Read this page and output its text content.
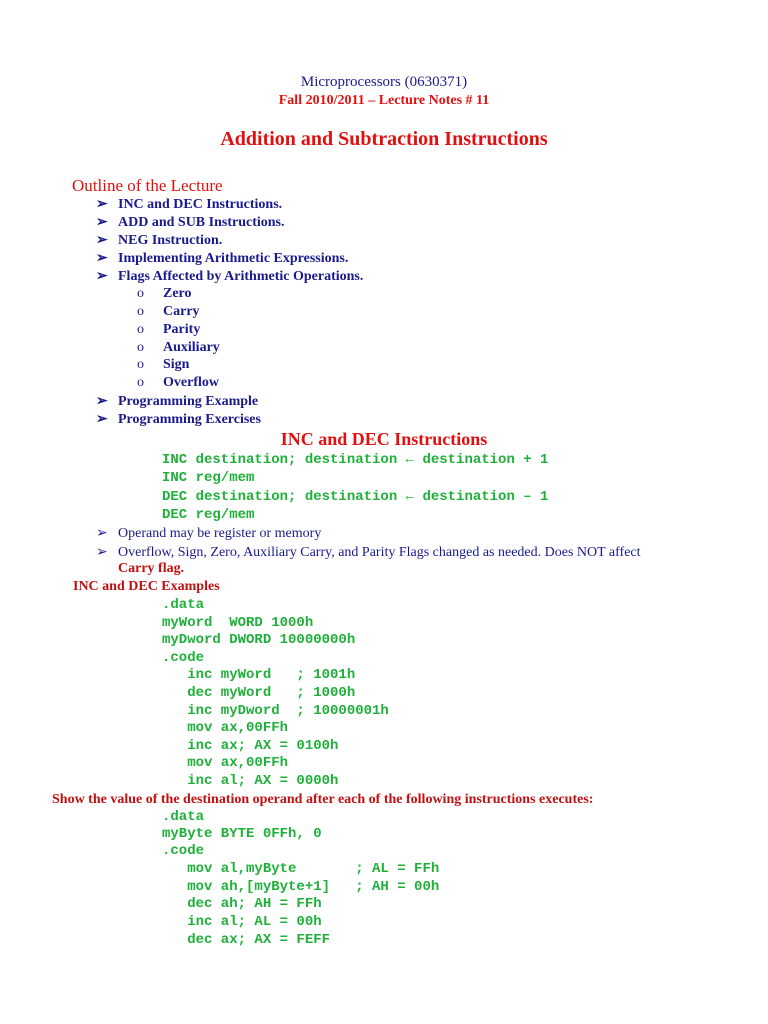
Microprocessors (0630371)
Fall 2010/2011 – Lecture Notes # 11
Addition and Subtraction Instructions
Outline of the Lecture
➢ INC and DEC Instructions.
➢ ADD and SUB Instructions.
➢ NEG Instruction.
➢ Implementing Arithmetic Expressions.
➢ Flags Affected by Arithmetic Operations.
o Zero
o Carry
o Parity
o Auxiliary
o Sign
o Overflow
➢ Programming Example
➢ Programming Exercises
INC and DEC Instructions
INC destination; destination ← destination + 1
INC reg/mem
DEC destination; destination ← destination – 1
DEC reg/mem
➢ Operand may be register or memory
➢ Overflow, Sign, Zero, Auxiliary Carry, and Parity Flags changed as needed. Does NOT affect
Carry flag.
INC and DEC Examples
.data
myWord  WORD 1000h
myDword DWORD 10000000h
.code
inc myWord   ; 1001h
dec myWord   ; 1000h
inc myDword  ; 10000001h
mov ax,00FFh
inc ax; AX = 0100h
mov ax,00FFh
inc al; AX = 0000h
Show the value of the destination operand after each of the following instructions executes:
.data
myByte BYTE 0FFh, 0
.code
mov al,myByte       ; AL = FFh
mov ah,[myByte+1]   ; AH = 00h
dec ah; AH = FFh
inc al; AL = 00h
dec ax; AX = FEFF
